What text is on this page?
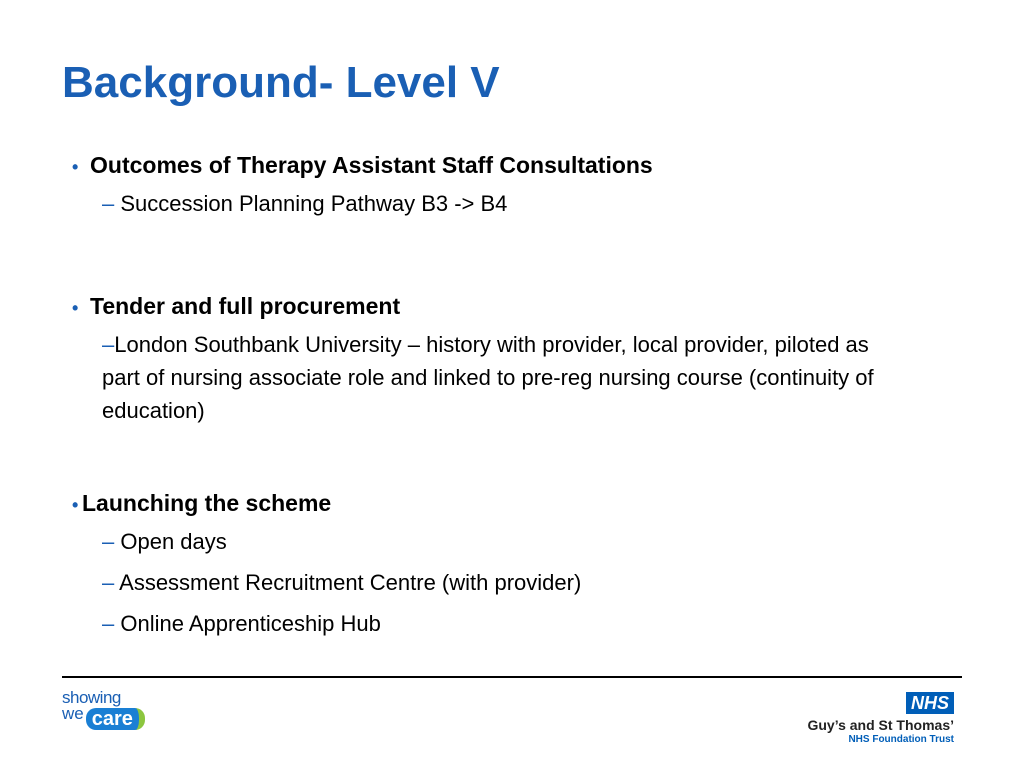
Background- Level V
• Outcomes of Therapy Assistant Staff Consultations
– Succession Planning Pathway B3 -> B4
• Tender and full procurement
–London Southbank University – history with provider, local provider, piloted as part of nursing associate role and linked to pre-reg nursing course (continuity of education)
• Launching the scheme
– Open days
– Assessment Recruitment Centre (with provider)
– Online Apprenticeship Hub
showing
we care
NHS
Guy’s and St Thomas’
NHS Foundation Trust
